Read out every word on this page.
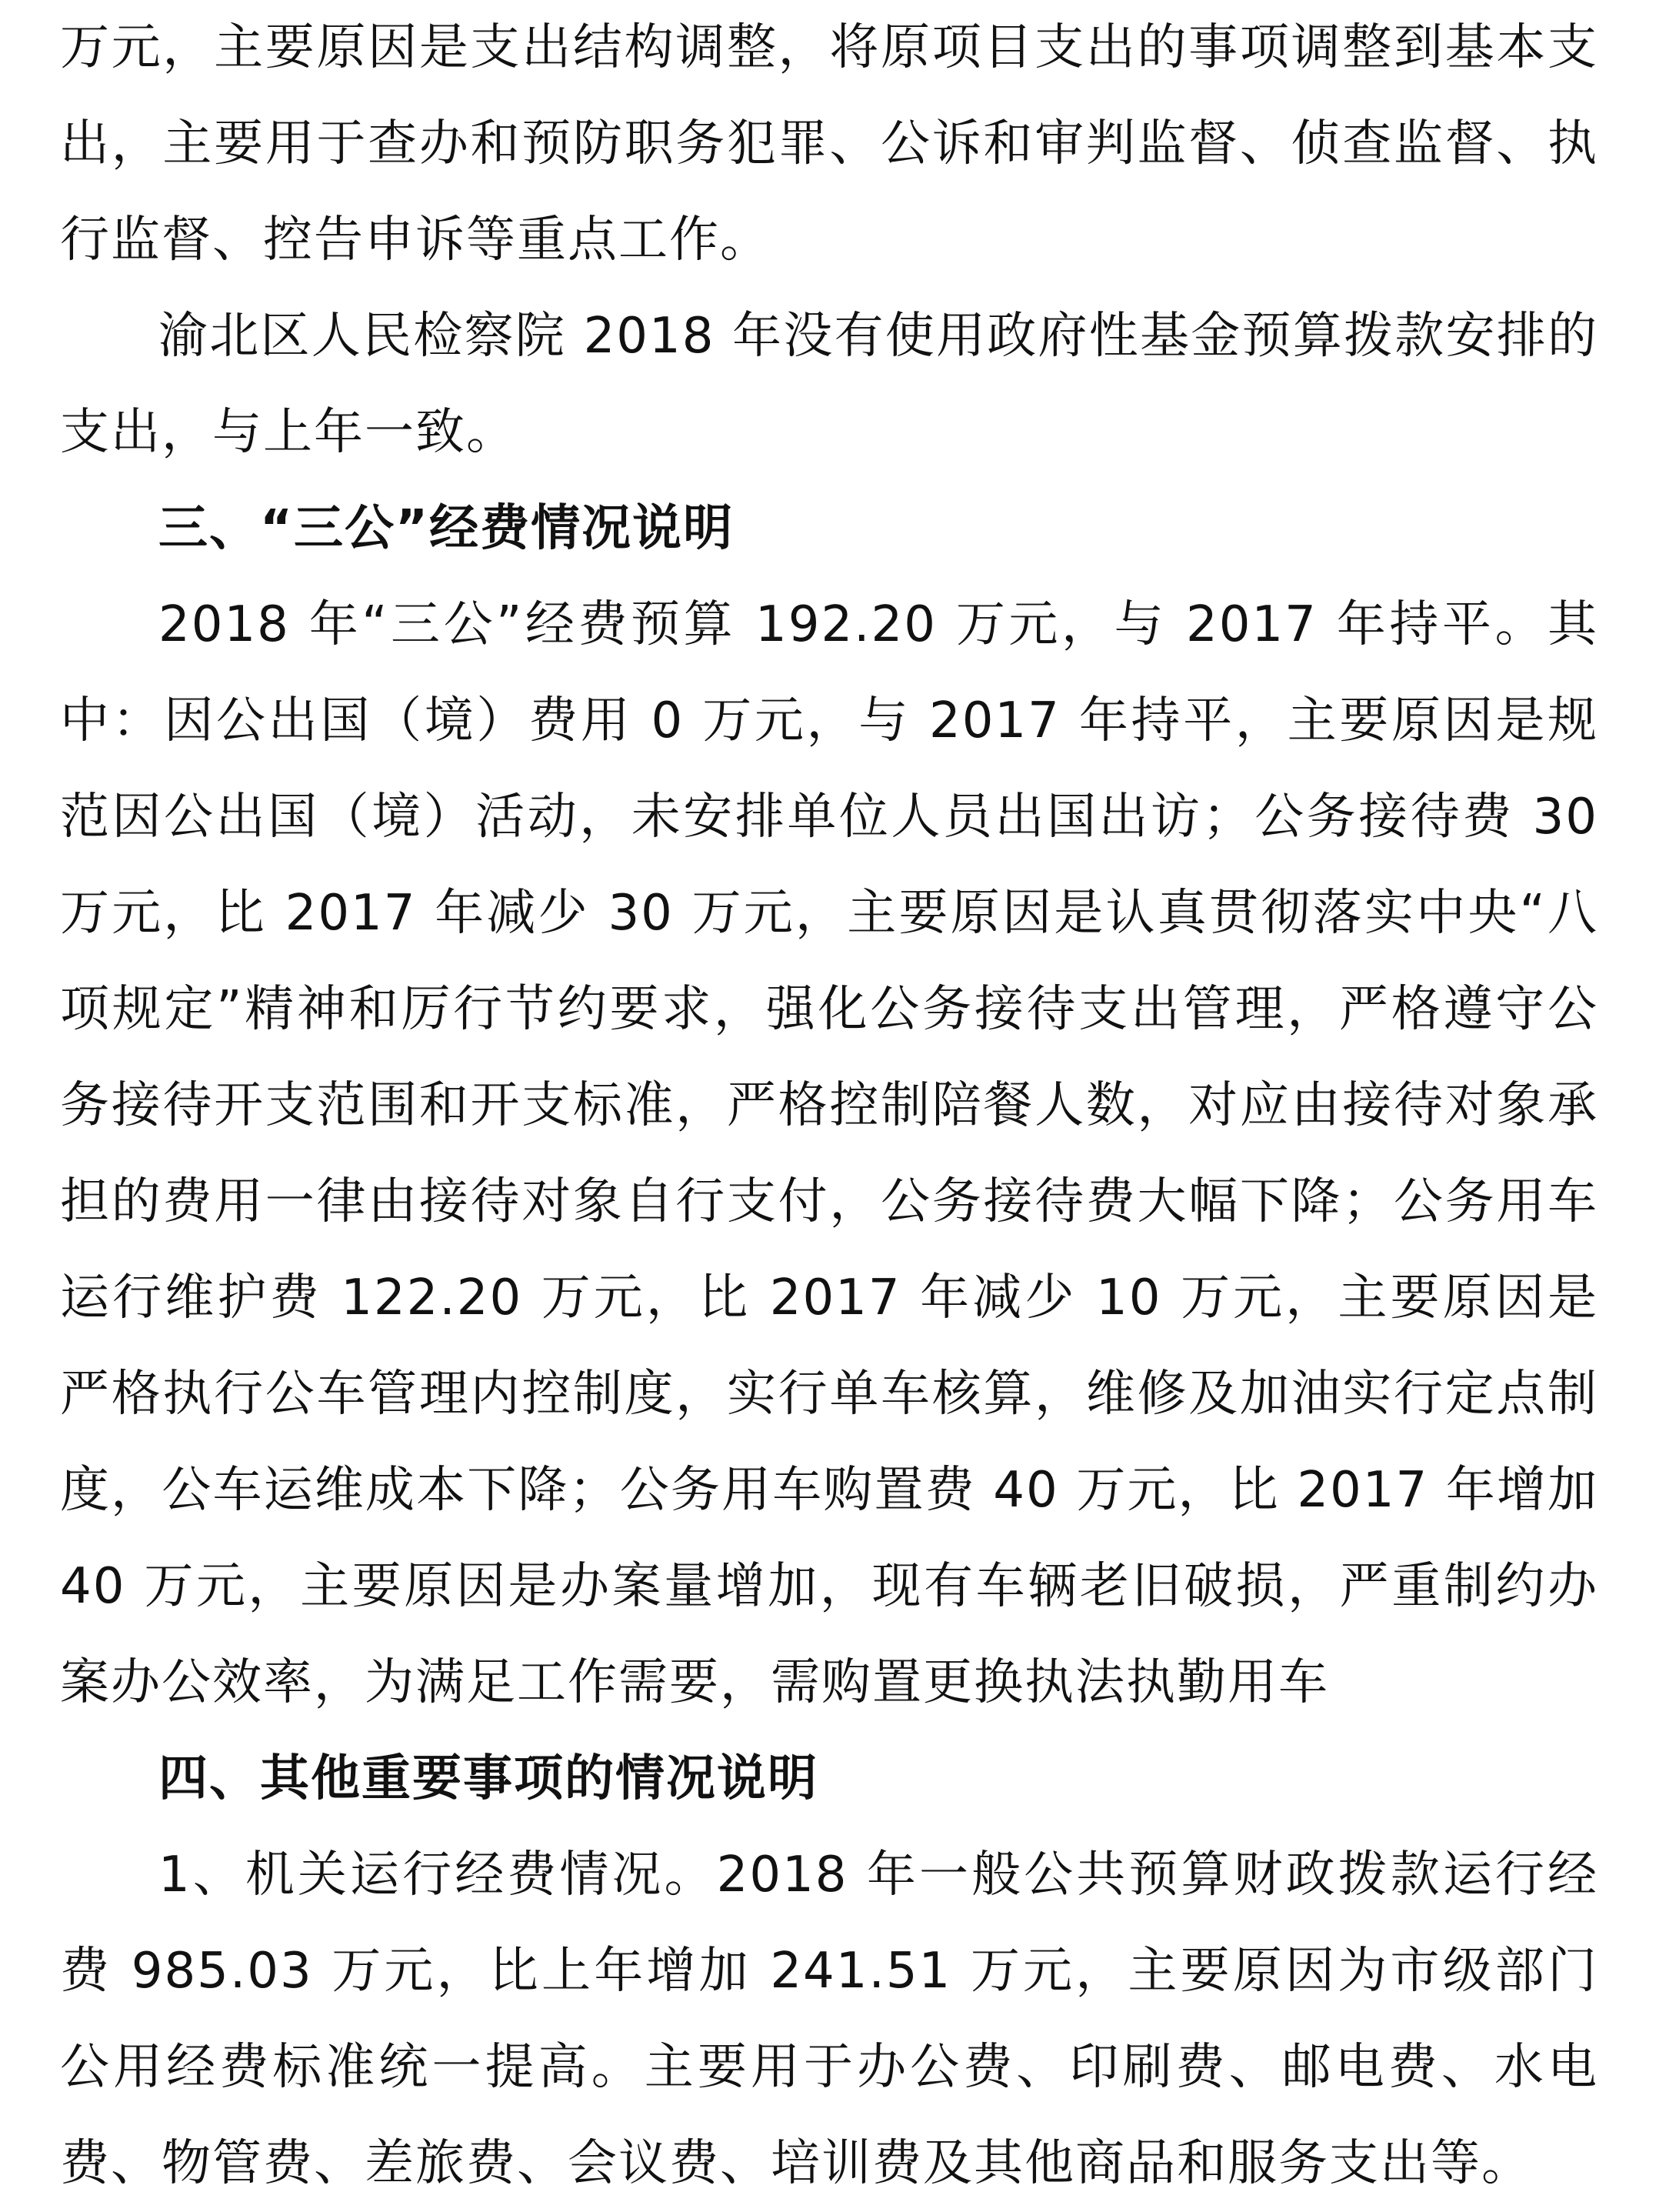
万元，主要原因是支出结构调整，将原项目支出的事项调整到基本支出，主要用于查办和预防职务犯罪、公诉和审判监督、侦查监督、执行监督、控告申诉等重点工作。

渝北区人民检察院 2018 年没有使用政府性基金预算拨款安排的支出，与上年一致。

三、“三公”经费情况说明

2018 年“三公”经费预算 192.20 万元，与 2017 年持平。其中：因公出国（境）费用 0 万元，与 2017 年持平，主要原因是规范因公出国（境）活动，未安排单位人员出国出访；公务接待费 30 万元，比 2017 年减少 30 万元，主要原因是认真贯彻落实中央“八项规定”精神和厉行节约要求，强化公务接待支出管理，严格遵守公务接待开支范围和开支标准，严格控制陪餐人数，对应由接待对象承担的费用一律由接待对象自行支付，公务接待费大幅下降；公务用车运行维护费 122.20 万元，比 2017 年减少 10 万元，主要原因是严格执行公车管理内控制度，实行单车核算，维修及加油实行定点制度，公车运维成本下降；公务用车购置费 40 万元，比 2017 年增加 40 万元，主要原因是办案量增加，现有车辆老旧破损，严重制约办案办公效率，为满足工作需要，需购置更换执法执勤用车

四、其他重要事项的情况说明

1、机关运行经费情况。2018 年一般公共预算财政拨款运行经费 985.03 万元，比上年增加 241.51 万元，主要原因为市级部门公用经费标准统一提高。主要用于办公费、印刷费、邮电费、水电费、物管费、差旅费、会议费、培训费及其他商品和服务支出等。
